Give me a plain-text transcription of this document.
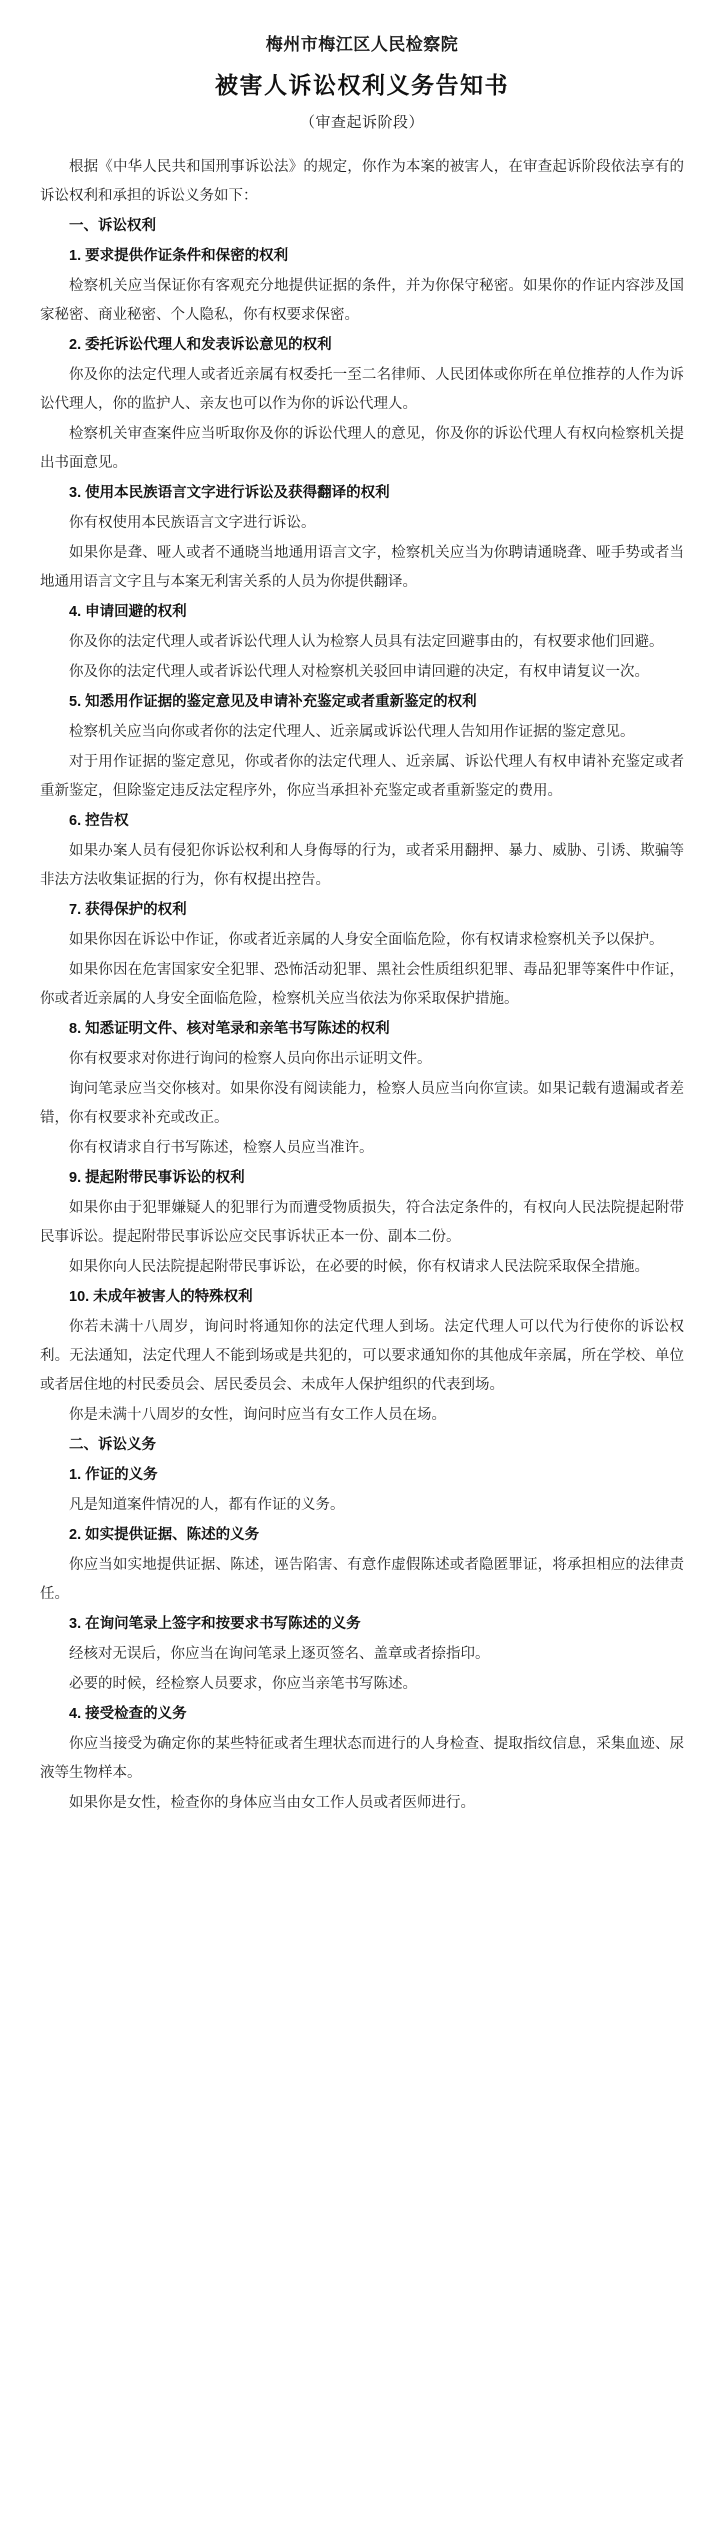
梅州市梅江区人民检察院
被害人诉讼权利义务告知书
（审查起诉阶段）
根据《中华人民共和国刑事诉讼法》的规定，你作为本案的被害人，在审查起诉阶段依法享有的诉讼权利和承担的诉讼义务如下：
一、诉讼权利
1. 要求提供作证条件和保密的权利
检察机关应当保证你有客观充分地提供证据的条件，并为你保守秘密。如果你的作证内容涉及国家秘密、商业秘密、个人隐私，你有权要求保密。
2. 委托诉讼代理人和发表诉讼意见的权利
你及你的法定代理人或者近亲属有权委托一至二名律师、人民团体或你所在单位推荐的人作为诉讼代理人，你的监护人、亲友也可以作为你的诉讼代理人。
检察机关审查案件应当听取你及你的诉讼代理人的意见，你及你的诉讼代理人有权向检察机关提出书面意见。
3. 使用本民族语言文字进行诉讼及获得翻译的权利
你有权使用本民族语言文字进行诉讼。
如果你是聋、哑人或者不通晓当地通用语言文字，检察机关应当为你聘请通晓聋、哑手势或者当地通用语言文字且与本案无利害关系的人员为你提供翻译。
4. 申请回避的权利
你及你的法定代理人或者诉讼代理人认为检察人员具有法定回避事由的，有权要求他们回避。
你及你的法定代理人或者诉讼代理人对检察机关驳回申请回避的决定，有权申请复议一次。
5. 知悉用作证据的鉴定意见及申请补充鉴定或者重新鉴定的权利
检察机关应当向你或者你的法定代理人、近亲属或诉讼代理人告知用作证据的鉴定意见。
对于用作证据的鉴定意见，你或者你的法定代理人、近亲属、诉讼代理人有权申请补充鉴定或者重新鉴定，但除鉴定违反法定程序外，你应当承担补充鉴定或者重新鉴定的费用。
6. 控告权
如果办案人员有侵犯你诉讼权利和人身侮辱的行为，或者采用翻押、暴力、威胁、引诱、欺骗等非法方法收集证据的行为，你有权提出控告。
7. 获得保护的权利
如果你因在诉讼中作证，你或者近亲属的人身安全面临危险，你有权请求检察机关予以保护。
如果你因在危害国家安全犯罪、恐怖活动犯罪、黑社会性质组织犯罪、毒品犯罪等案件中作证，你或者近亲属的人身安全面临危险，检察机关应当依法为你采取保护措施。
8. 知悉证明文件、核对笔录和亲笔书写陈述的权利
你有权要求对你进行询问的检察人员向你出示证明文件。
询问笔录应当交你核对。如果你没有阅读能力，检察人员应当向你宣读。如果记载有遗漏或者差错，你有权要求补充或改正。
你有权请求自行书写陈述，检察人员应当准许。
9. 提起附带民事诉讼的权利
如果你由于犯罪嫌疑人的犯罪行为而遭受物质损失，符合法定条件的，有权向人民法院提起附带民事诉讼。提起附带民事诉讼应交民事诉状正本一份、副本二份。
如果你向人民法院提起附带民事诉讼，在必要的时候，你有权请求人民法院采取保全措施。
10. 未成年被害人的特殊权利
你若未满十八周岁，询问时将通知你的法定代理人到场。法定代理人可以代为行使你的诉讼权利。无法通知，法定代理人不能到场或是共犯的，可以要求通知你的其他成年亲属，所在学校、单位或者居住地的村民委员会、居民委员会、未成年人保护组织的代表到场。
你是未满十八周岁的女性，询问时应当有女工作人员在场。
二、诉讼义务
1. 作证的义务
凡是知道案件情况的人，都有作证的义务。
2. 如实提供证据、陈述的义务
你应当如实地提供证据、陈述，诬告陷害、有意作虚假陈述或者隐匿罪证，将承担相应的法律责任。
3. 在询问笔录上签字和按要求书写陈述的义务
经核对无误后，你应当在询问笔录上逐页签名、盖章或者捺指印。
必要的时候，经检察人员要求，你应当亲笔书写陈述。
4. 接受检查的义务
你应当接受为确定你的某些特征或者生理状态而进行的人身检查、提取指纹信息，采集血迹、尿液等生物样本。
如果你是女性，检查你的身体应当由女工作人员或者医师进行。
